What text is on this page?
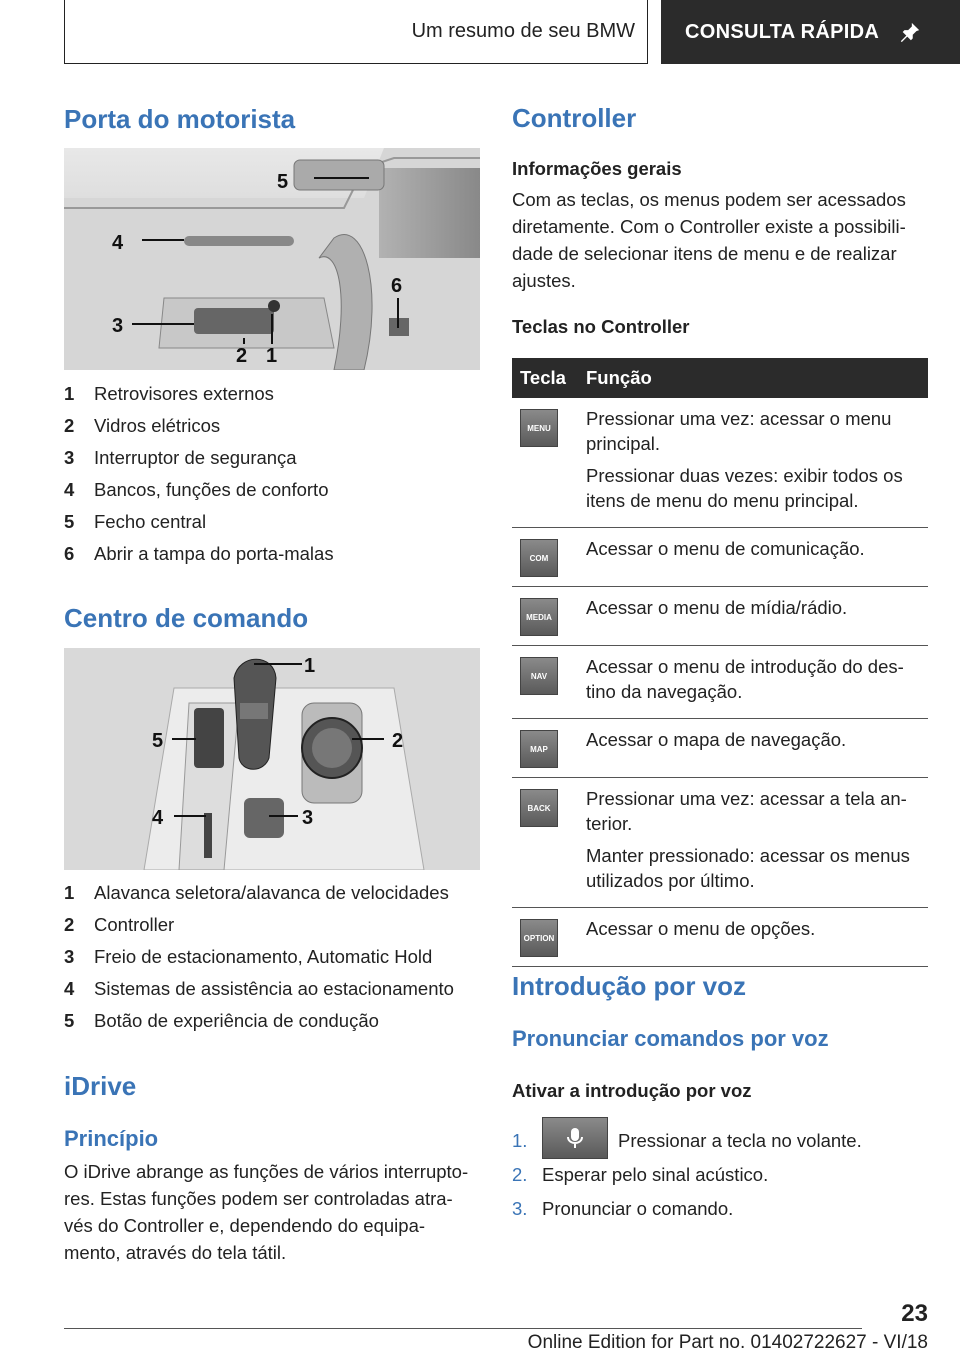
Um resumo de seu BMW	CONSULTA RÁPIDA
Porta do motorista
5
4
6
3
2 1
1	Retrovisores externos
2	Vidros elétricos
3	Interruptor de segurança
4	Bancos, funções de conforto
5	Fecho central
6	Abrir a tampa do porta-malas
Centro de comando
1
5	2
4	3
1	Alavanca seletora/alavanca de velocidades
2	Controller
3	Freio de estacionamento, Automatic Hold
4	Sistemas de assistência ao estacionamento
5	Botão de experiência de condução
iDrive
Princípio

O iDrive abrange as funções de vários interrupto-res. Estas funções podem ser controladas atra-vés do Controller e, dependendo do equipa-mento, através do tela tátil.

Controller
Informações gerais

Com as teclas, os menus podem ser acessados diretamente. Com o Controller existe a possibili-dade de selecionar itens de menu e de realizar ajustes.

Teclas no Controller
Tecla	Função

MENU	Pressionar uma vez: acessar o menu principal.

Pressionar duas vezes: exibir todos os itens de menu do menu principal.

COM	Acessar o menu de comunicação.

MEDIA	Acessar o menu de mídia/rádio.

NAV	Acessar o menu de introdução do des-tino da navegação.

MAP	Acessar o mapa de navegação.

BACK	Pressionar uma vez: acessar a tela an-terior.

Manter pressionado: acessar os menus utilizados por último.

OPTION	Acessar o menu de opções.

Introdução por voz
Pronunciar comandos por voz
Ativar a introdução por voz
1.	Pressionar a tecla no volante.
2. Esperar pelo sinal acústico.
3. Pronunciar o comando.
23
Online Edition for Part no. 01402722627 - VI/18
